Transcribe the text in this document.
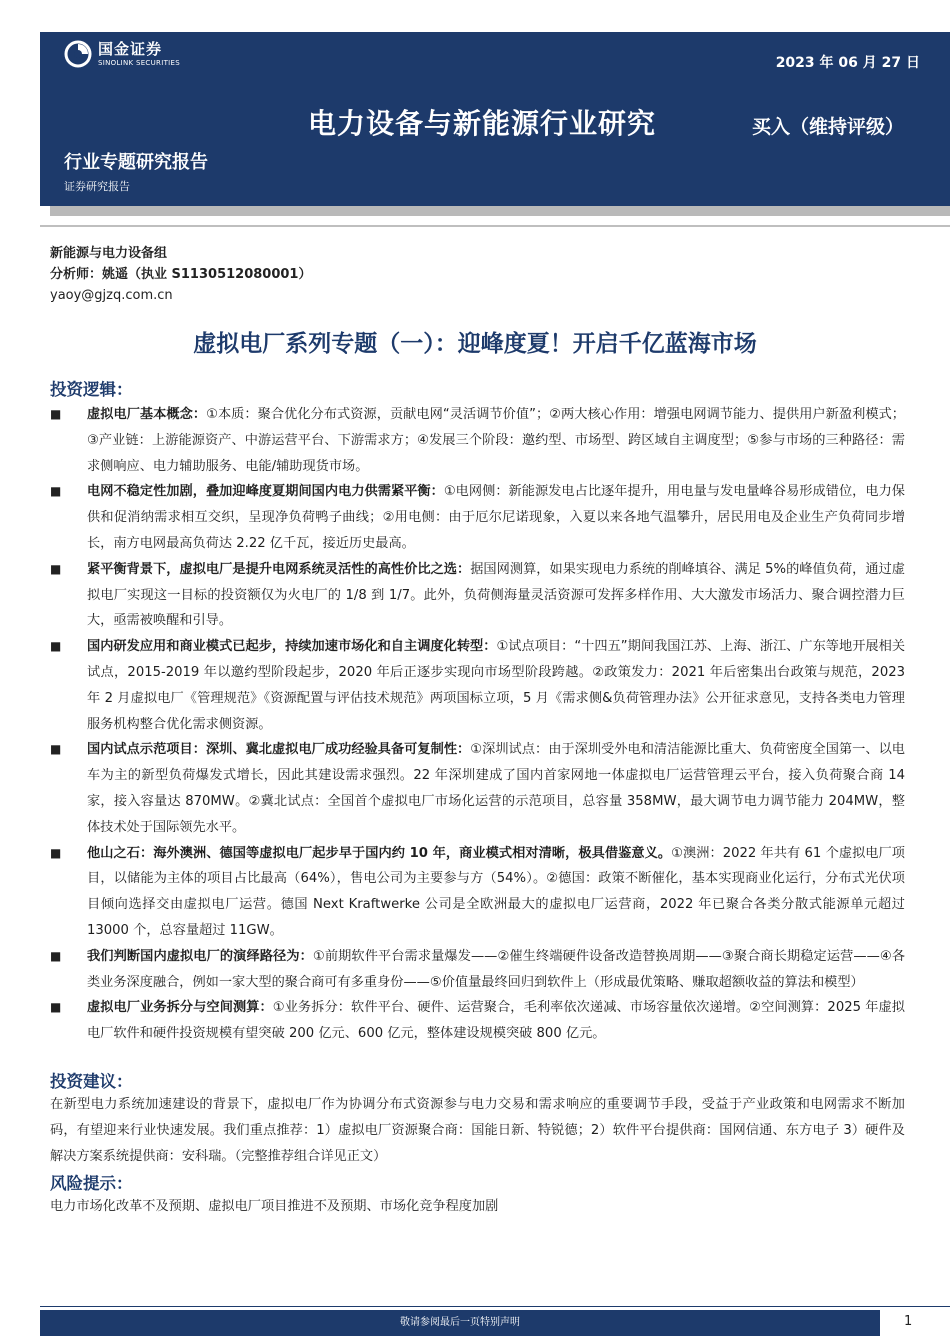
国金证券
SINOLINK SECURITIES	2023 年 06 月 27 日
电力设备与新能源行业研究	买入（维持评级）
行业专题研究报告
证券研究报告
新能源与电力设备组
分析师：姚遥（执业 S1130512080001）
yaoy@gjzq.com.cn
虚拟电厂系列专题（一）：迎峰度夏！开启千亿蓝海市场
投资逻辑：
■	虚拟电厂基本概念：①本质：聚合优化分布式资源，贡献电网“灵活调节价值”；②两大核心作用：增强电网调节能力、提供用户新盈利模式；③产业链：上游能源资产、中游运营平台、下游需求方；④发展三个阶段：邀约型、市场型、跨区域自主调度型；⑤参与市场的三种路径：需求侧响应、电力辅助服务、电能/辅助现货市场。
■	电网不稳定性加剧，叠加迎峰度夏期间国内电力供需紧平衡：①电网侧：新能源发电占比逐年提升，用电量与发电量峰谷易形成错位，电力保供和促消纳需求相互交织，呈现净负荷鸭子曲线；②用电侧：由于厄尔尼诺现象，入夏以来各地气温攀升，居民用电及企业生产负荷同步增长，南方电网最高负荷达 2.22 亿千瓦，接近历史最高。
■	紧平衡背景下，虚拟电厂是提升电网系统灵活性的高性价比之选：据国网测算，如果实现电力系统的削峰填谷、满足 5%的峰值负荷，通过虚拟电厂实现这一目标的投资额仅为火电厂的 1/8 到 1/7。此外，负荷侧海量灵活资源可发挥多样作用、大大激发市场活力、聚合调控潜力巨大，亟需被唤醒和引导。
■	国内研发应用和商业模式已起步，持续加速市场化和自主调度化转型：①试点项目：“十四五”期间我国江苏、上海、浙江、广东等地开展相关试点，2015-2019 年以邀约型阶段起步，2020 年后正逐步实现向市场型阶段跨越。②政策发力：2021 年后密集出台政策与规范，2023 年 2 月虚拟电厂《管理规范》《资源配置与评估技术规范》两项国标立项，5 月《需求侧&负荷管理办法》公开征求意见，支持各类电力管理服务机构整合优化需求侧资源。
■	国内试点示范项目：深圳、冀北虚拟电厂成功经验具备可复制性：①深圳试点：由于深圳受外电和清洁能源比重大、负荷密度全国第一、以电车为主的新型负荷爆发式增长，因此其建设需求强烈。22 年深圳建成了国内首家网地一体虚拟电厂运营管理云平台，接入负荷聚合商 14 家，接入容量达 870MW。②冀北试点：全国首个虚拟电厂市场化运营的示范项目，总容量 358MW，最大调节电力调节能力 204MW，整体技术处于国际领先水平。
■	他山之石：海外澳洲、德国等虚拟电厂起步早于国内约 10 年，商业模式相对清晰，极具借鉴意义。①澳洲：2022 年共有 61 个虚拟电厂项目，以储能为主体的项目占比最高（64%），售电公司为主要参与方（54%）。②德国：政策不断催化，基本实现商业化运行，分布式光伏项目倾向选择交由虚拟电厂运营。德国 Next Kraftwerke 公司是全欧洲最大的虚拟电厂运营商，2022 年已聚合各类分散式能源单元超过 13000 个，总容量超过 11GW。
■	我们判断国内虚拟电厂的演绎路径为：①前期软件平台需求量爆发——②催生终端硬件设备改造替换周期——③聚合商长期稳定运营——④各类业务深度融合，例如一家大型的聚合商可有多重身份——⑤价值量最终回归到软件上（形成最优策略、赚取超额收益的算法和模型）
■	虚拟电厂业务拆分与空间测算：①业务拆分：软件平台、硬件、运营聚合，毛利率依次递减、市场容量依次递增。②空间测算：2025 年虚拟电厂软件和硬件投资规模有望突破 200 亿元、600 亿元，整体建设规模突破 800 亿元。
投资建议：
在新型电力系统加速建设的背景下，虚拟电厂作为协调分布式资源参与电力交易和需求响应的重要调节手段，受益于产业政策和电网需求不断加码，有望迎来行业快速发展。我们重点推荐：1）虚拟电厂资源聚合商：国能日新、特锐德；2）软件平台提供商：国网信通、东方电子 3）硬件及解决方案系统提供商：安科瑞。（完整推荐组合详见正文）
风险提示：
电力市场化改革不及预期、虚拟电厂项目推进不及预期、市场化竞争程度加剧
敬请参阅最后一页特别声明	1
